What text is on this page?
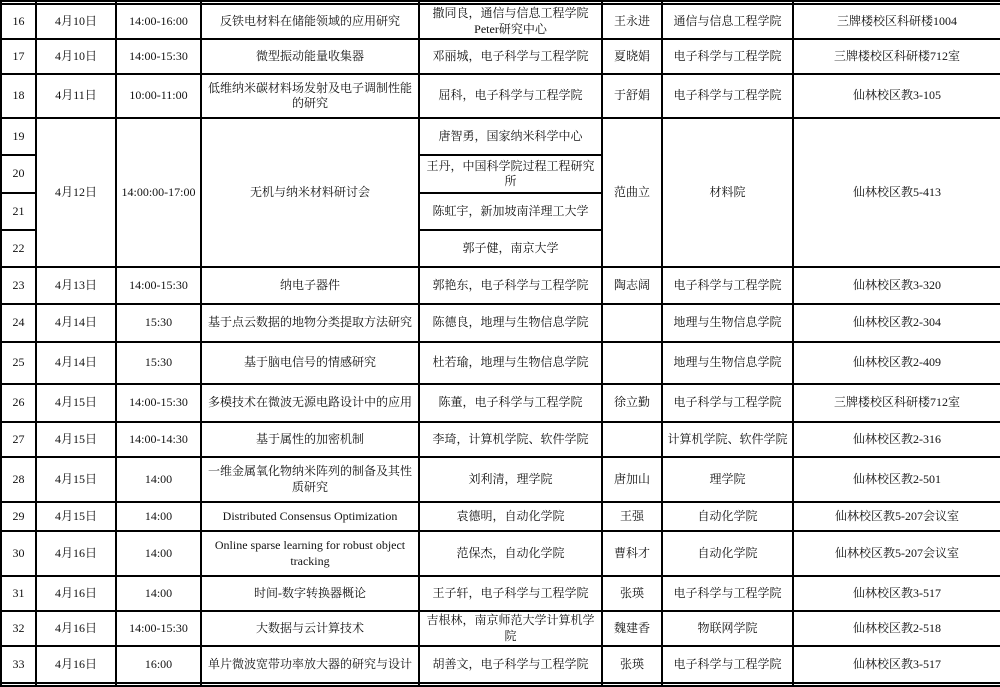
16	4月10日	14:00-16:00	反铁电材料在储能领域的应用研究	撒同良，通信与信息工程学院Peter研究中心	王永进	通信与信息工程学院	三牌楼校区科研楼1004
17	4月10日	14:00-15:30	微型振动能量收集器	邓丽城，电子科学与工程学院	夏晓娟	电子科学与工程学院	三牌楼校区科研楼712室
18	4月11日	10:00-11:00	低维纳米碳材料场发射及电子调制性能的研究	屈科，电子科学与工程学院	于舒娟	电子科学与工程学院	仙林校区教3-105
19	4月12日	14:00:00-17:00	无机与纳米材料研讨会	唐智勇，国家纳米科学中心	范曲立	材料院	仙林校区教5-413
20				王丹，中国科学院过程工程研究所			
21				陈虹宇，新加坡南洋理工大学			
22				郭子健，南京大学			
23	4月13日	14:00-15:30	纳电子器件	郭艳东，电子科学与工程学院	陶志阔	电子科学与工程学院	仙林校区教3-320
24	4月14日	15:30	基于点云数据的地物分类提取方法研究	陈德良，地理与生物信息学院		地理与生物信息学院	仙林校区教2-304
25	4月14日	15:30	基于脑电信号的情感研究	杜若瑜，地理与生物信息学院		地理与生物信息学院	仙林校区教2-409
26	4月15日	14:00-15:30	多模技术在微波无源电路设计中的应用	陈董，电子科学与工程学院	徐立勤	电子科学与工程学院	三牌楼校区科研楼712室
27	4月15日	14:00-14:30	基于属性的加密机制	李琦，计算机学院、软件学院		计算机学院、软件学院	仙林校区教2-316
28	4月15日	14:00	一维金属氧化物纳米阵列的制备及其性质研究	刘利清，理学院	唐加山	理学院	仙林校区教2-501
29	4月15日	14:00	Distributed Consensus Optimization	袁德明，自动化学院	王强	自动化学院	仙林校区教5-207会议室
30	4月16日	14:00	Online sparse learning for robust object tracking	范保杰，自动化学院	曹科才	自动化学院	仙林校区教5-207会议室
31	4月16日	14:00	时间-数字转换器概论	王子轩，电子科学与工程学院	张瑛	电子科学与工程学院	仙林校区教3-517
32	4月16日	14:00-15:30	大数据与云计算技术	吉根林，南京师范大学计算机学院	魏建香	物联网学院	仙林校区教2-518
33	4月16日	16:00	单片微波宽带功率放大器的研究与设计	胡善文，电子科学与工程学院	张瑛	电子科学与工程学院	仙林校区教3-517
